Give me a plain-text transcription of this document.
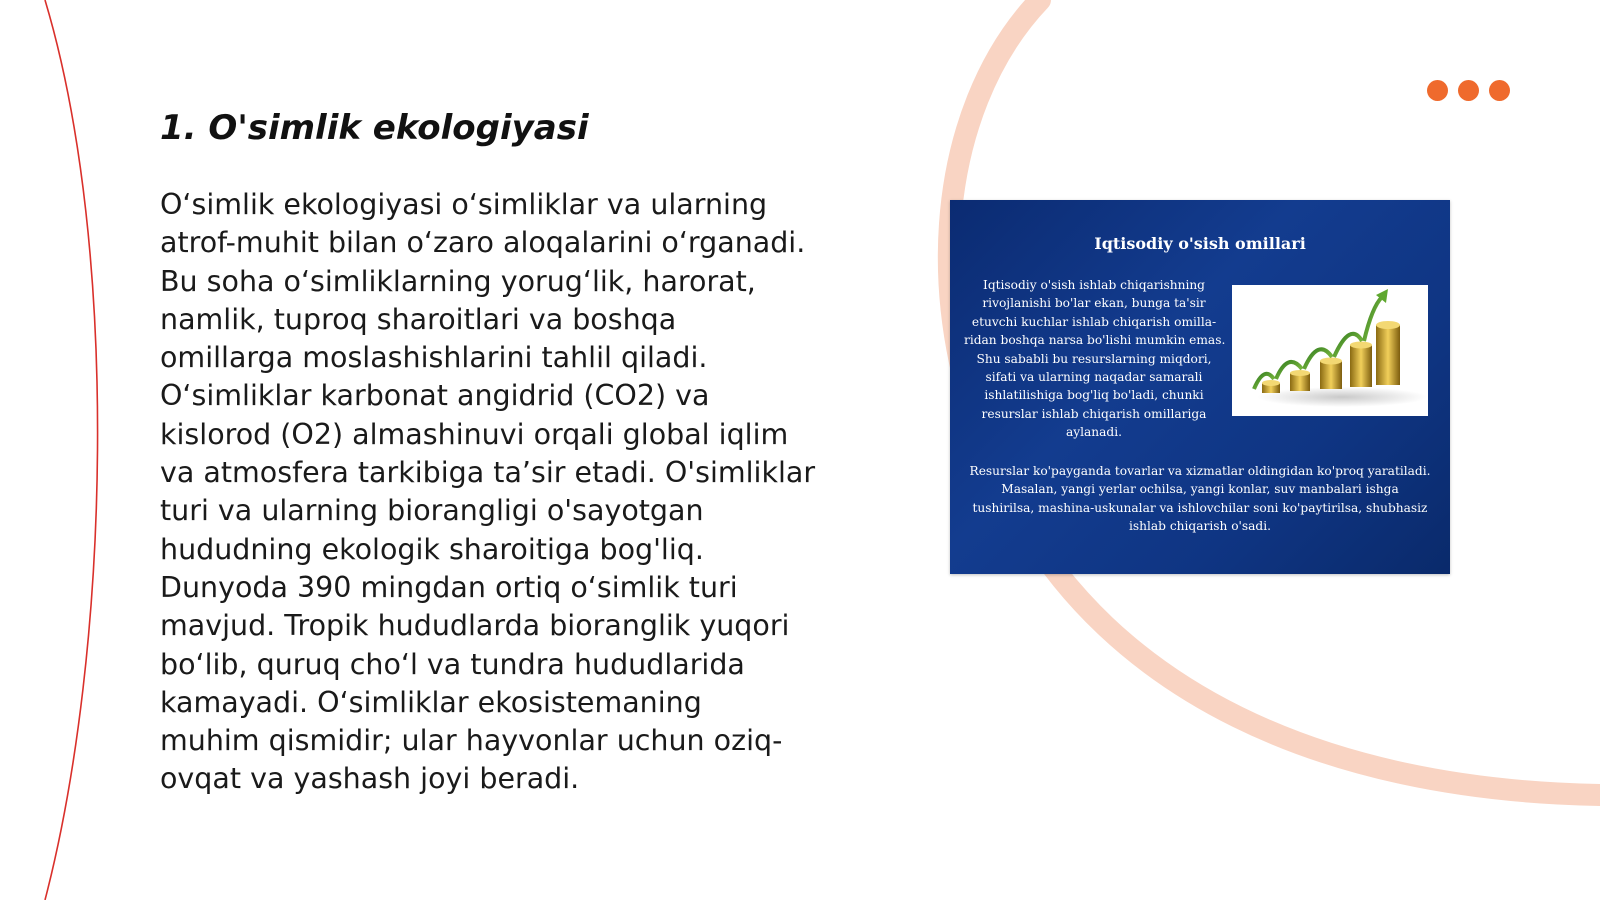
1. O'simlik ekologiyasi
O‘simlik ekologiyasi o‘simliklar va ularning
atrof-muhit bilan o‘zaro aloqalarini o‘rganadi.
Bu soha o‘simliklarning yorug‘lik, harorat,
namlik, tuproq sharoitlari va boshqa
omillarga moslashishlarini tahlil qiladi.
O‘simliklar karbonat angidrid (CO2) va
kislorod (O2) almashinuvi orqali global iqlim
va atmosfera tarkibiga ta’sir etadi. O'simliklar
turi va ularning biorangligi o'sayotgan
hududning ekologik sharoitiga bog'liq.
Dunyoda 390 mingdan ortiq o‘simlik turi
mavjud. Tropik hududlarda bioranglik yuqori
bo‘lib, quruq cho‘l va tundra hududlarida
kamayadi. O‘simliklar ekosistemaning
muhim qismidir; ular hayvonlar uchun oziq-
ovqat va yashash joyi beradi.
Iqtisodiy o'sish omillari
Iqtisodiy o'sish ishlab chiqarishning
rivojlanishi bo'lar ekan, bunga ta'sir
etuvchi kuchlar ishlab chiqarish omilla-
ridan boshqa narsa bo'lishi mumkin emas.
Shu sababli bu resurslarning miqdori,
sifati va ularning naqadar samarali
ishlatilishiga bog'liq bo'ladi, chunki
resurslar ishlab chiqarish omillariga
aylanadi.
Resurslar ko'payganda tovarlar va xizmatlar oldingidan ko'proq yaratiladi.
Masalan, yangi yerlar ochilsa, yangi konlar, suv manbalari ishga
tushirilsa, mashina-uskunalar va ishlovchilar soni ko'paytirilsa, shubhasiz
ishlab chiqarish o'sadi.
